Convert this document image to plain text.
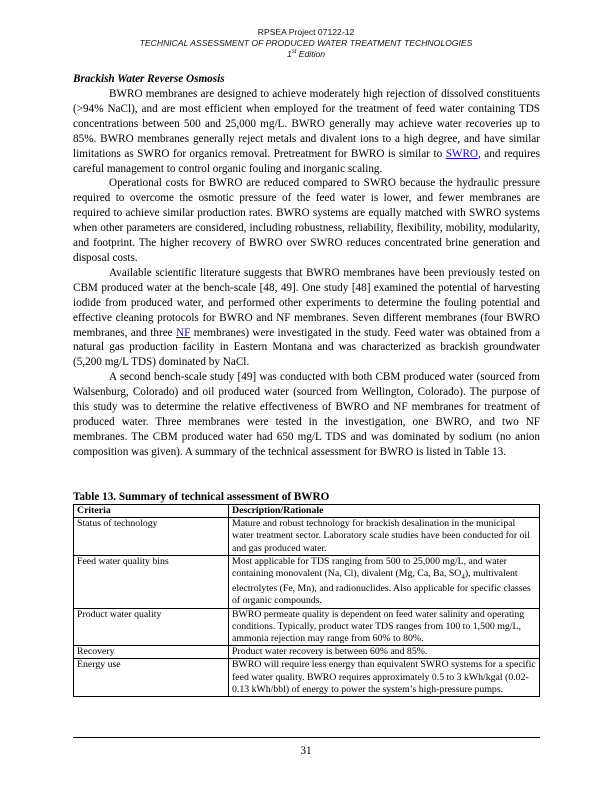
RPSEA Project 07122-12
TECHNICAL ASSESSMENT OF PRODUCED WATER TREATMENT TECHNOLOGIES
1st Edition
Brackish Water Reverse Osmosis

BWRO membranes are designed to achieve moderately high rejection of dissolved constituents (>94% NaCl), and are most efficient when employed for the treatment of feed water containing TDS concentrations between 500 and 25,000 mg/L. BWRO generally may achieve water recoveries up to 85%. BWRO membranes generally reject metals and divalent ions to a high degree, and have similar limitations as SWRO for organics removal. Pretreatment for BWRO is similar to SWRO, and requires careful management to control organic fouling and inorganic scaling.

Operational costs for BWRO are reduced compared to SWRO because the hydraulic pressure required to overcome the osmotic pressure of the feed water is lower, and fewer membranes are required to achieve similar production rates. BWRO systems are equally matched with SWRO systems when other parameters are considered, including robustness, reliability, flexibility, mobility, modularity, and footprint. The higher recovery of BWRO over SWRO reduces concentrated brine generation and disposal costs.

Available scientific literature suggests that BWRO membranes have been previously tested on CBM produced water at the bench-scale [48, 49]. One study [48] examined the potential of harvesting iodide from produced water, and performed other experiments to determine the fouling potential and effective cleaning protocols for BWRO and NF membranes. Seven different membranes (four BWRO membranes, and three NF membranes) were investigated in the study. Feed water was obtained from a natural gas production facility in Eastern Montana and was characterized as brackish groundwater (5,200 mg/L TDS) dominated by NaCl.

A second bench-scale study [49] was conducted with both CBM produced water (sourced from Walsenburg, Colorado) and oil produced water (sourced from Wellington, Colorado). The purpose of this study was to determine the relative effectiveness of BWRO and NF membranes for treatment of produced water. Three membranes were tested in the investigation, one BWRO, and two NF membranes. The CBM produced water had 650 mg/L TDS and was dominated by sodium (no anion composition was given). A summary of the technical assessment for BWRO is listed in Table 13.

Table 13. Summary of technical assessment of BWRO
Criteria	Description/Rationale
Status of technology	Mature and robust technology for brackish desalination in the municipal water treatment sector. Laboratory scale studies have been conducted for oil and gas produced water.
Feed water quality bins	Most applicable for TDS ranging from 500 to 25,000 mg/L, and water containing monovalent (Na, Cl), divalent (Mg, Ca, Ba, $SO_4$), multivalent electrolytes (Fe, Mn), and radionuclides. Also applicable for specific classes of organic compounds.
Product water quality	BWRO permeate quality is dependent on feed water salinity and operating conditions. Typically, product water TDS ranges from 100 to 1,500 mg/L, ammonia rejection may range from 60% to 80%.
Recovery	Product water recovery is between 60% and 85%.
Energy use	BWRO will require less energy than equivalent SWRO systems for a specific feed water quality. BWRO requires approximately 0.5 to 3 kWh/kgal (0.02-0.13 kWh/bbl) of energy to power the system’s high-pressure pumps.
31
